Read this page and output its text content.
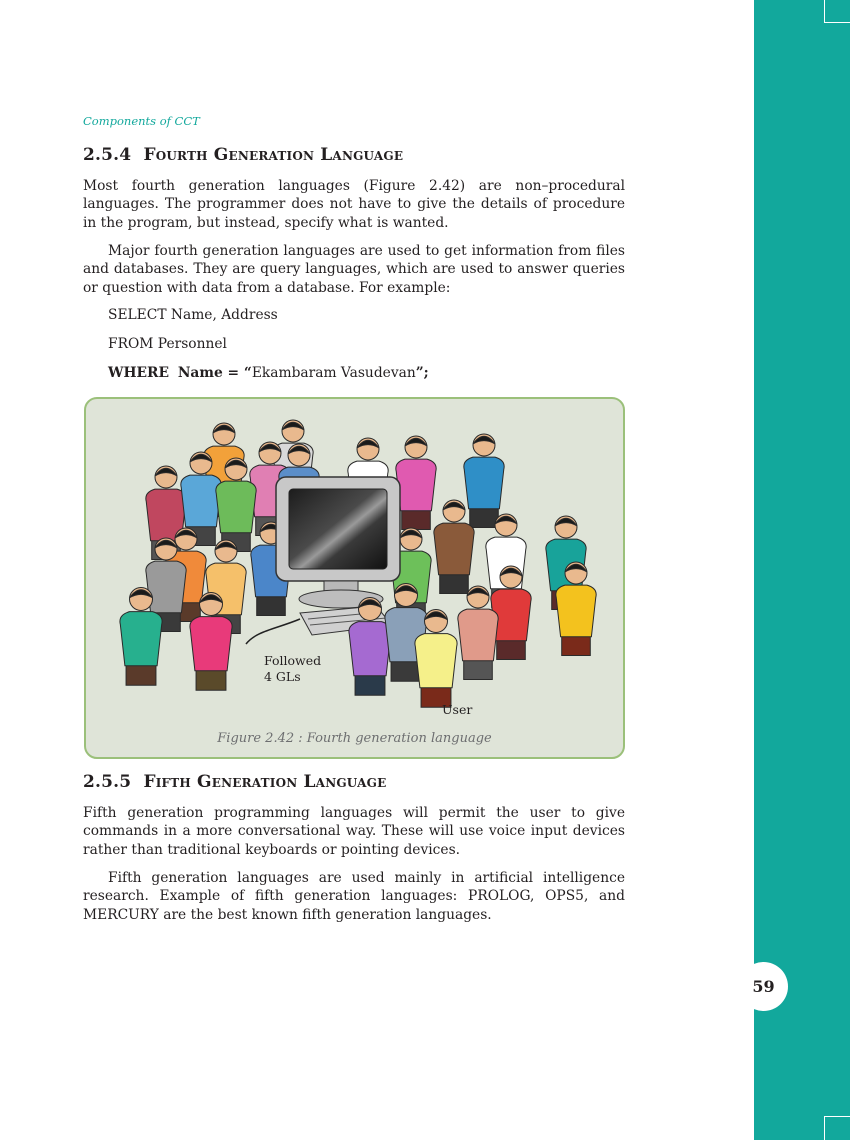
59
Components of CCT
2.5.4 Fourth Generation Language
Most fourth generation languages (Figure 2.42) are non–procedural languages. The programmer does not have to give the details of procedure in the program, but instead, specify what is wanted.
Major fourth generation languages are used to get information from files and databases. They are query languages, which are used to answer queries or question with data from a database. For example:
SELECT Name, Address
FROM Personnel
WHERE Name = “Ekambaram Vasudevan”;
Followed
4 GLs
User
Figure 2.42 : Fourth generation language
2.5.5 Fifth Generation Language
Fifth generation programming languages will permit the user to give commands in a more conversational way. These will use voice input devices rather than traditional keyboards or pointing devices.
Fifth generation languages are used mainly in artificial intelligence research. Example of fifth generation languages: PROLOG, OPS5, and MERCURY are the best known fifth generation languages.
